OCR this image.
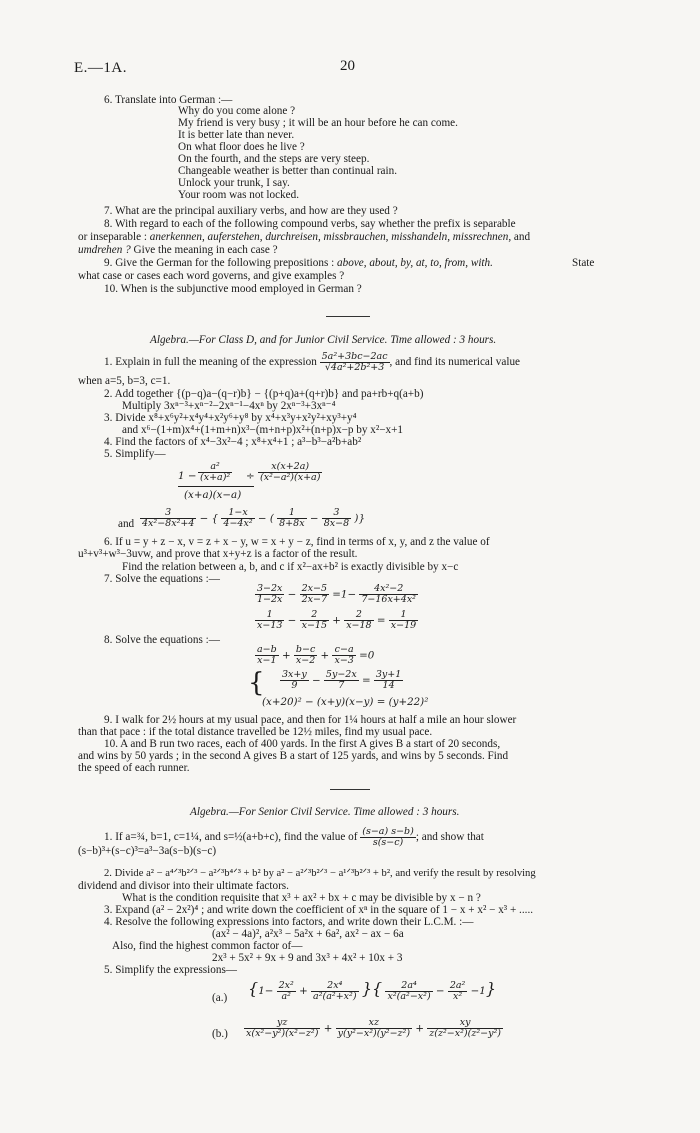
E.—1A.	20
6. Translate into German :—
Why do you come alone ?
My friend is very busy ; it will be an hour before he can come.
It is better late than never.
On what floor does he live ?
On the fourth, and the steps are very steep.
Changeable weather is better than continual rain.
Unlock your trunk, I say.
Your room was not locked.
7. What are the principal auxiliary verbs, and how are they used ?
8. With regard to each of the following compound verbs, say whether the prefix is separable
or inseparable : anerkennen, auferstehen, durchreisen, missbrauchen, misshandeln, missrechnen, and
umdrehen ? Give the meaning in each case ?
9. Give the German for the following prepositions : above, about, by, at, to, from, with.	State
what case or cases each word governs, and give examples ?
10. When is the subjunctive mood employed in German ?
Algebra.—For Class D, and for Junior Civil Service. Time allowed : 3 hours.
1. Explain in full the meaning of the expression $\frac{\text{5a²+3bc−2ac}}{\text{√4a²+2b²+3}}$ , and find its numerical value
when a=5, b=3, c=1.
2. Add together {(p−q)a−(q−r)b} − {(p+q)a+(q+r)b} and pa+rb+q(a+b)
Multiply 3xⁿ⁻³+xⁿ⁻²−2xⁿ⁻¹−4xⁿ by 2xⁿ⁻³+3xⁿ⁻⁴
3. Divide x⁸+x⁶y²+x⁴y⁴+x²y⁶+y⁸ by x⁴+x³y+x²y²+xy³+y⁴
and x⁶−(1+m)x⁴+(1+m+n)x³−(m+n+p)x²+(n+p)x−p by x²−x+1
4. Find the factors of x⁴−3x²−4 ; x⁸+x⁴+1 ; a³−b³−a²b+ab²
5. Simplify—
$1 - \frac{\text{a²}}{\text{(x+a)²}} \div \frac{x(x+2a)}{\text{(x²−a²)(x+a)}}$
(x+a)(x−a)
and $\frac{3}{\text{4x²−8x²+4}}$ − { $\frac{1-x}{\text{4−4x²}}$ − ( $\frac{1}{8+8x} - \frac{3}{8x-8}$ )}
6. If u = y + z − x, v = z + x − y, w = x + y − z, find in terms of x, y, and z the value of
u³+v³+w³−3uvw, and prove that x+y+z is a factor of the result.
Find the relation between a, b, and c if x²−ax+b² is exactly divisible by x−c
7. Solve the equations :—
$\frac{3-2x}{1-2x} - \frac{2x-5}{2x-7} =1- \frac{\text{4x²−2}}{\text{7−16x+4x²}}$
$\frac{1}{x-13} - \frac{2}{x-15} + \frac{2}{x-18} = \frac{1}{x-19}$
8. Solve the equations :—
$\frac{a-b}{x-1} + \frac{b-c}{x-2} + \frac{c-a}{x-3} =0$
{ $\frac{3x+y}{9} - \frac{5y-2x}{7} = \frac{3y+1}{14}$
(x+20)² − (x+y)(x−y) = (y+22)²
9. I walk for 2½ hours at my usual pace, and then for 1¼ hours at half a mile an hour slower
than that pace : if the total distance travelled be 12½ miles, find my usual pace.
10. A and B run two races, each of 400 yards. In the first A gives B a start of 20 seconds,
and wins by 50 yards ; in the second A gives B a start of 125 yards, and wins by 5 seconds. Find
the speed of each runner.
Algebra.—For Senior Civil Service. Time allowed : 3 hours.
1. If a=¾, b=1, c=1¼, and s=½(a+b+c), find the value of $\frac{(s-a) s-b)}{s(s-c)}$ ; and show that
(s−b)³+(s−c)³=a³−3a(s−b)(s−c)
2. Divide a² − a⁴ᐟ³b²ᐟ³ − a²ᐟ³b⁴ᐟ³ + b² by a² − a²ᐟ³b²ᐟ³ − a¹ᐟ³b²ᐟ³ + b², and verify the result by resolving
dividend and divisor into their ultimate factors.
What is the condition requisite that x³ + ax² + bx + c may be divisible by x − n ?
3. Expand (a² − 2x²)⁴ ; and write down the coefficient of xⁿ in the square of 1 − x + x² − x³ + .....
4. Resolve the following expressions into factors, and write down their L.C.M. :—
(ax² − 4a)², a²x³ − 5a²x + 6a², ax² − ax − 6a
Also, find the highest common factor of—
2x³ + 5x² + 9x + 9 and 3x³ + 4x² + 10x + 3
5. Simplify the expressions—
(a.) {$1- \frac{\text{2x²}}{\text{a²}} + \frac{\text{2x⁴}}{\text{a²(a²+x²)}}$ }{ $\frac{\text{2a⁴}}{\text{x²(a²−x²)}} - \frac{\text{2a²}}{\text{x²}} -1$}
$(b.) \frac{yz}{\text{x(x²−y²)(x²−z²)}} + \frac{xz}{\text{y(y²−x²)(y²−z²)}} + \frac{xy}{\text{z(z²−x²)(z²−y²)}}$
